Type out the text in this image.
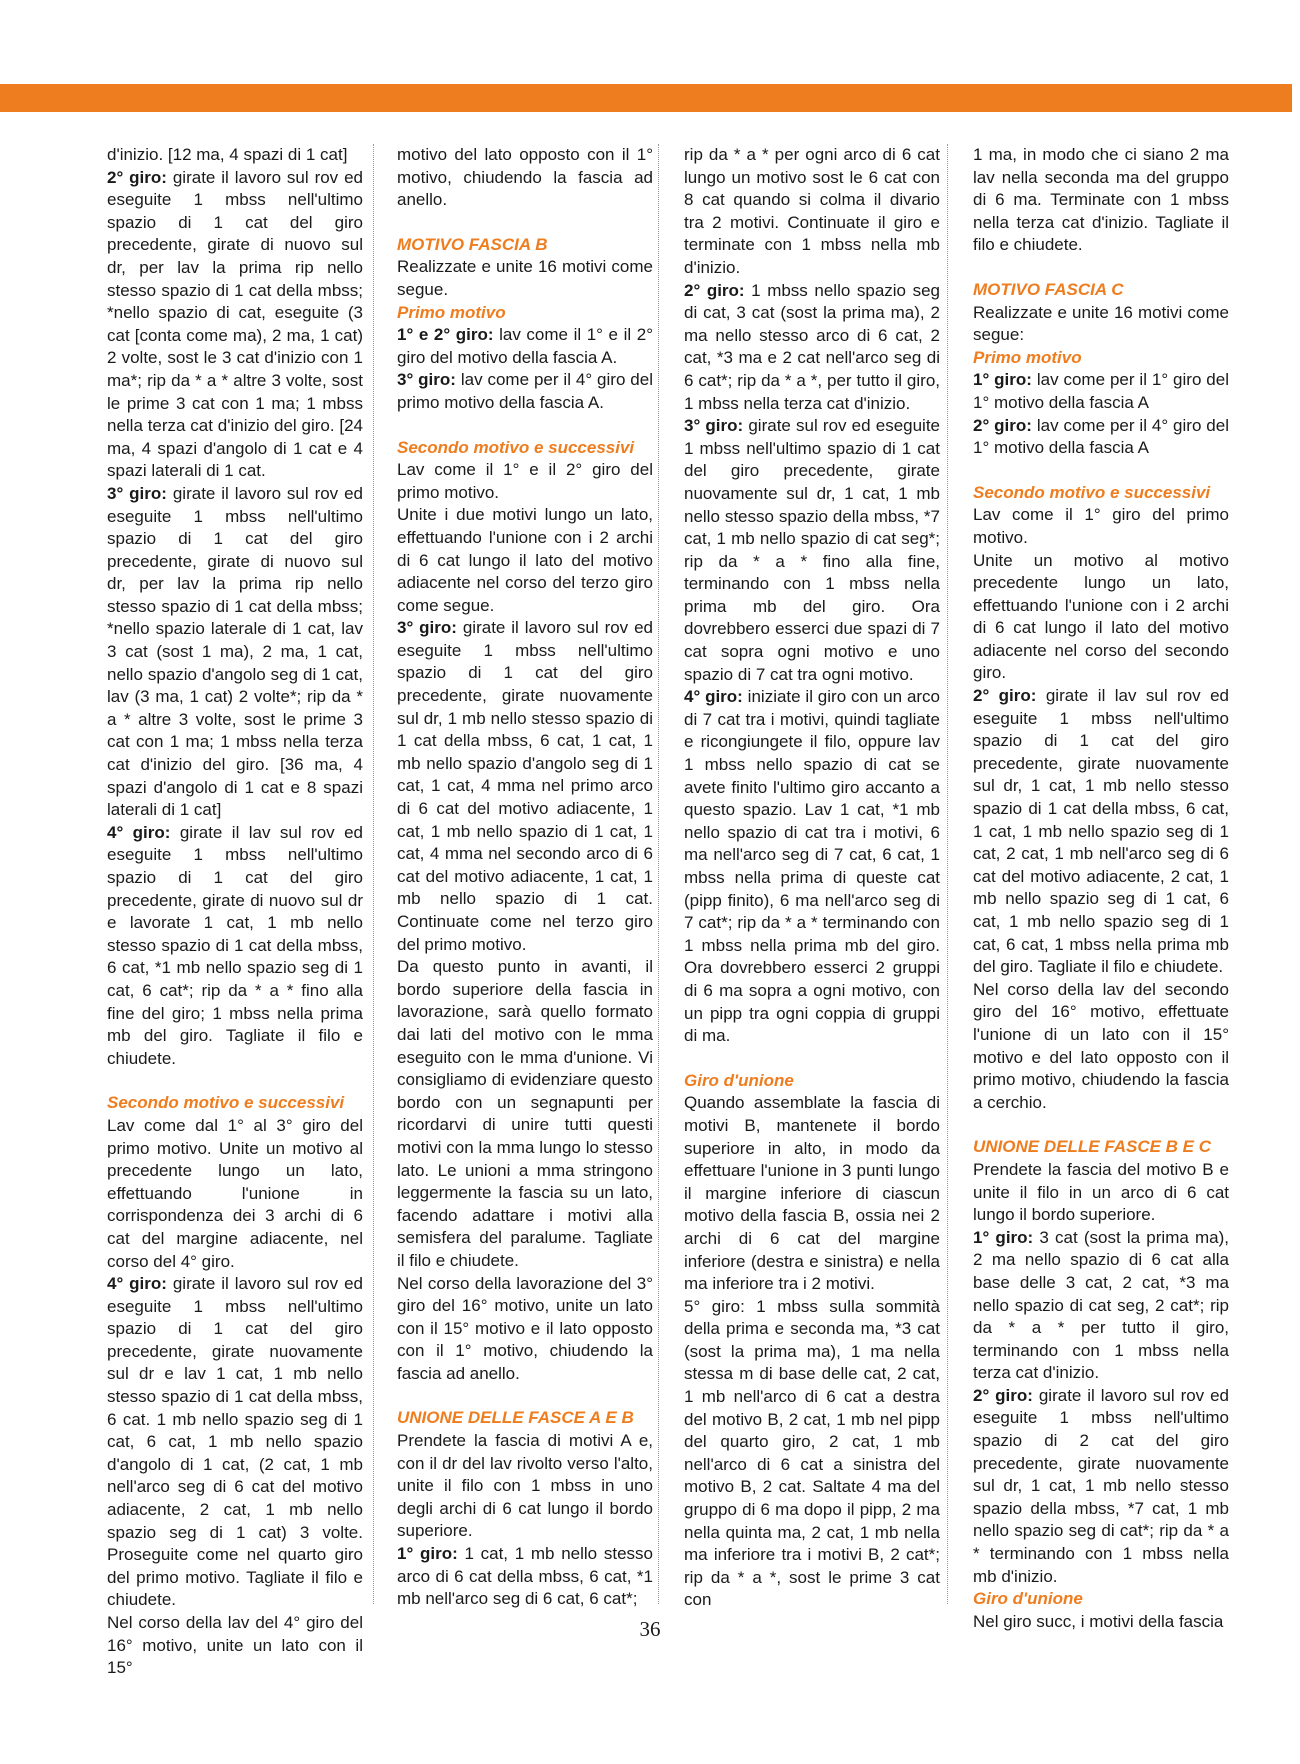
d'inizio. [12 ma, 4 spazi di 1 cat]

2° giro: girate il lavoro sul rov ed eseguite 1 mbss nell'ultimo spazio di 1 cat del giro precedente, girate di nuovo sul dr, per lav la prima rip nello stesso spazio di 1 cat della mbss; *nello spazio di cat, eseguite (3 cat [conta come ma), 2 ma, 1 cat) 2 volte, sost le 3 cat d'inizio con 1 ma*; rip da * a * altre 3 volte, sost le prime 3 cat con 1 ma; 1 mbss nella terza cat d'inizio del giro. [24 ma, 4 spazi d'angolo di 1 cat e 4 spazi laterali di 1 cat.

3° giro: girate il lavoro sul rov ed eseguite 1 mbss nell'ultimo spazio di 1 cat del giro precedente, girate di nuovo sul dr, per lav la prima rip nello stesso spazio di 1 cat della mbss; *nello spazio laterale di 1 cat, lav 3 cat (sost 1 ma), 2 ma, 1 cat, nello spazio d'angolo seg di 1 cat, lav (3 ma, 1 cat) 2 volte*; rip da * a * altre 3 volte, sost le prime 3 cat con 1 ma; 1 mbss nella terza cat d'inizio del giro. [36 ma, 4 spazi d'angolo di 1 cat e 8 spazi laterali di 1 cat]

4° giro: girate il lav sul rov ed eseguite 1 mbss nell'ultimo spazio di 1 cat del giro precedente, girate di nuovo sul dr e lavorate 1 cat, 1 mb nello stesso spazio di 1 cat della mbss, 6 cat, *1 mb nello spazio seg di 1 cat, 6 cat*; rip da * a * fino alla fine del giro; 1 mbss nella prima mb del giro. Tagliate il filo e chiudete.

Secondo motivo e successivi

Lav come dal 1° al 3° giro del primo motivo. Unite un motivo al precedente lungo un lato, effettuando l'unione in corrispondenza dei 3 archi di 6 cat del margine adiacente, nel corso del 4° giro.

4° giro: girate il lavoro sul rov ed eseguite 1 mbss nell'ultimo spazio di 1 cat del giro precedente, girate nuovamente sul dr e lav 1 cat, 1 mb nello stesso spazio di 1 cat della mbss, 6 cat. 1 mb nello spazio seg di 1 cat, 6 cat, 1 mb nello spazio d'angolo di 1 cat, (2 cat, 1 mb nell'arco seg di 6 cat del motivo adiacente, 2 cat, 1 mb nello spazio seg di 1 cat) 3 volte. Proseguite come nel quarto giro del primo motivo. Tagliate il filo e chiudete.

Nel corso della lav del 4° giro del 16° motivo, unite un lato con il 15°

motivo del lato opposto con il 1° motivo, chiudendo la fascia ad anello.

MOTIVO FASCIA B

Realizzate e unite 16 motivi come segue.

Primo motivo

1° e 2° giro: lav come il 1° e il 2° giro del motivo della fascia A.

3° giro: lav come per il 4° giro del primo motivo della fascia A.

Secondo motivo e successivi

Lav come il 1° e il 2° giro del primo motivo.

Unite i due motivi lungo un lato, effettuando l'unione con i 2 archi di 6 cat lungo il lato del motivo adiacente nel corso del terzo giro come segue.

3° giro: girate il lavoro sul rov ed eseguite 1 mbss nell'ultimo spazio di 1 cat del giro precedente, girate nuovamente sul dr, 1 mb nello stesso spazio di 1 cat della mbss, 6 cat, 1 cat, 1 mb nello spazio d'angolo seg di 1 cat, 1 cat, 4 mma nel primo arco di 6 cat del motivo adiacente, 1 cat, 1 mb nello spazio di 1 cat, 1 cat, 4 mma nel secondo arco di 6 cat del motivo adiacente, 1 cat, 1 mb nello spazio di 1 cat. Continuate come nel terzo giro del primo motivo.

Da questo punto in avanti, il bordo superiore della fascia in lavorazione, sarà quello formato dai lati del motivo con le mma eseguito con le mma d'unione. Vi consigliamo di evidenziare questo bordo con un segnapunti per ricordarvi di unire tutti questi motivi con la mma lungo lo stesso lato. Le unioni a mma stringono leggermente la fascia su un lato, facendo adattare i motivi alla semisfera del paralume. Tagliate il filo e chiudete.

Nel corso della lavorazione del 3° giro del 16° motivo, unite un lato con il 15° motivo e il lato opposto con il 1° motivo, chiudendo la fascia ad anello.

UNIONE DELLE FASCE A E B

Prendete la fascia di motivi A e, con il dr del lav rivolto verso l'alto, unite il filo con 1 mbss in uno degli archi di 6 cat lungo il bordo superiore.

1° giro: 1 cat, 1 mb nello stesso arco di 6 cat della mbss, 6 cat, *1 mb nell'arco seg di 6 cat, 6 cat*;

rip da * a * per ogni arco di 6 cat lungo un motivo sost le 6 cat con 8 cat quando si colma il divario tra 2 motivi. Continuate il giro e terminate con 1 mbss nella mb d'inizio.

2° giro: 1 mbss nello spazio seg di cat, 3 cat (sost la prima ma), 2 ma nello stesso arco di 6 cat, 2 cat, *3 ma e 2 cat nell'arco seg di 6 cat*; rip da * a *, per tutto il giro, 1 mbss nella terza cat d'inizio.

3° giro: girate sul rov ed eseguite 1 mbss nell'ultimo spazio di 1 cat del giro precedente, girate nuovamente sul dr, 1 cat, 1 mb nello stesso spazio della mbss, *7 cat, 1 mb nello spazio di cat seg*; rip da * a * fino alla fine, terminando con 1 mbss nella prima mb del giro. Ora dovrebbero esserci due spazi di 7 cat sopra ogni motivo e uno spazio di 7 cat tra ogni motivo.

4° giro: iniziate il giro con un arco di 7 cat tra i motivi, quindi tagliate e ricongiungete il filo, oppure lav 1 mbss nello spazio di cat se avete finito l'ultimo giro accanto a questo spazio. Lav 1 cat, *1 mb nello spazio di cat tra i motivi, 6 ma nell'arco seg di 7 cat, 6 cat, 1 mbss nella prima di queste cat (pipp finito), 6 ma nell'arco seg di 7 cat*; rip da * a * terminando con 1 mbss nella prima mb del giro. Ora dovrebbero esserci 2 gruppi di 6 ma sopra a ogni motivo, con un pipp tra ogni coppia di gruppi di ma.

Giro d'unione

Quando assemblate la fascia di motivi B, mantenete il bordo superiore in alto, in modo da effettuare l'unione in 3 punti lungo il margine inferiore di ciascun motivo della fascia B, ossia nei 2 archi di 6 cat del margine inferiore (destra e sinistra) e nella ma inferiore tra i 2 motivi.

5° giro: 1 mbss sulla sommità della prima e seconda ma, *3 cat (sost la prima ma), 1 ma nella stessa m di base delle cat, 2 cat, 1 mb nell'arco di 6 cat a destra del motivo B, 2 cat, 1 mb nel pipp del quarto giro, 2 cat, 1 mb nell'arco di 6 cat a sinistra del motivo B, 2 cat. Saltate 4 ma del gruppo di 6 ma dopo il pipp, 2 ma nella quinta ma, 2 cat, 1 mb nella ma inferiore tra i motivi B, 2 cat*; rip da * a *, sost le prime 3 cat con

1 ma, in modo che ci siano 2 ma lav nella seconda ma del gruppo di 6 ma. Terminate con 1 mbss nella terza cat d'inizio. Tagliate il filo e chiudete.

MOTIVO FASCIA C

Realizzate e unite 16 motivi come segue:

Primo motivo

1° giro: lav come per il 1° giro del 1° motivo della fascia A

2° giro: lav come per il 4° giro del 1° motivo della fascia A

Secondo motivo e successivi

Lav come il 1° giro del primo motivo.

Unite un motivo al motivo precedente lungo un lato, effettuando l'unione con i 2 archi di 6 cat lungo il lato del motivo adiacente nel corso del secondo giro.

2° giro: girate il lav sul rov ed eseguite 1 mbss nell'ultimo spazio di 1 cat del giro precedente, girate nuovamente sul dr, 1 cat, 1 mb nello stesso spazio di 1 cat della mbss, 6 cat, 1 cat, 1 mb nello spazio seg di 1 cat, 2 cat, 1 mb nell'arco seg di 6 cat del motivo adiacente, 2 cat, 1 mb nello spazio seg di 1 cat, 6 cat, 1 mb nello spazio seg di 1 cat, 6 cat, 1 mbss nella prima mb del giro. Tagliate il filo e chiudete.

Nel corso della lav del secondo giro del 16° motivo, effettuate l'unione di un lato con il 15° motivo e del lato opposto con il primo motivo, chiudendo la fascia a cerchio.

UNIONE DELLE FASCE B E C

Prendete la fascia del motivo B e unite il filo in un arco di 6 cat lungo il bordo superiore.

1° giro: 3 cat (sost la prima ma), 2 ma nello spazio di 6 cat alla base delle 3 cat, 2 cat, *3 ma nello spazio di cat seg, 2 cat*; rip da * a * per tutto il giro, terminando con 1 mbss nella terza cat d'inizio.

2° giro: girate il lavoro sul rov ed eseguite 1 mbss nell'ultimo spazio di 2 cat del giro precedente, girate nuovamente sul dr, 1 cat, 1 mb nello stesso spazio della mbss, *7 cat, 1 mb nello spazio seg di cat*; rip da * a * terminando con 1 mbss nella mb d'inizio.

Giro d'unione

Nel giro succ, i motivi della fascia

36
